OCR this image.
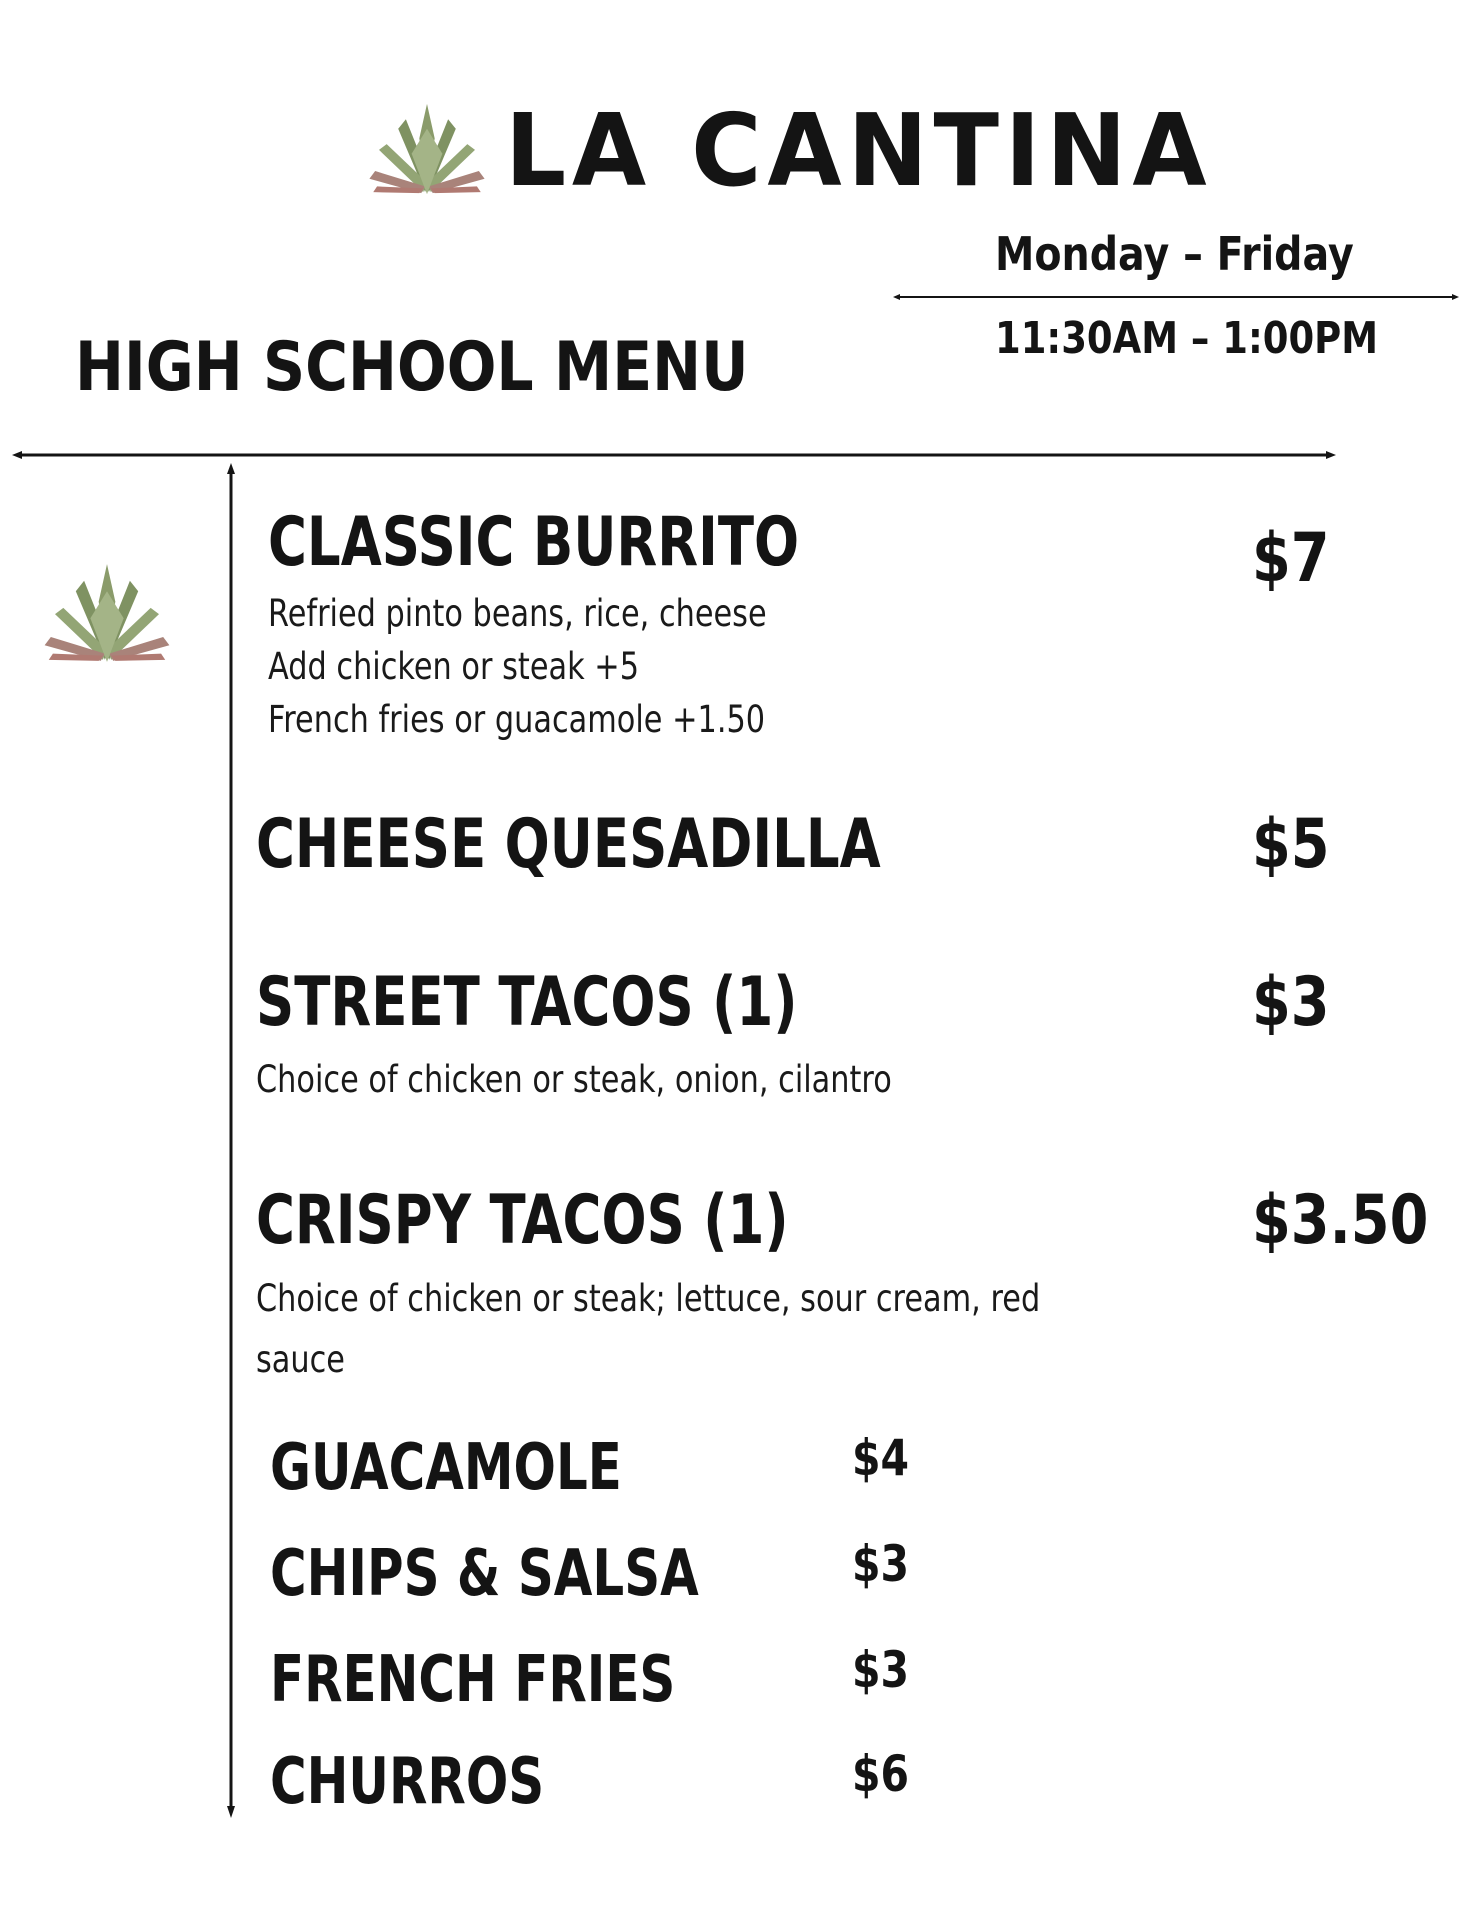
LA CANTINA
Monday – Friday
11:30AM – 1:00PM
HIGH SCHOOL MENU
CLASSIC BURRITO	$7
Refried pinto beans, rice, cheese
Add chicken or steak +5
French fries or guacamole +1.50
CHEESE QUESADILLA	$5
STREET TACOS (1)	$3
Choice of chicken or steak, onion, cilantro
CRISPY TACOS (1)	$3.50
Choice of chicken or steak; lettuce, sour cream, red
sauce
GUACAMOLE	$4
CHIPS & SALSA	$3
FRENCH FRIES	$3
CHURROS	$6
